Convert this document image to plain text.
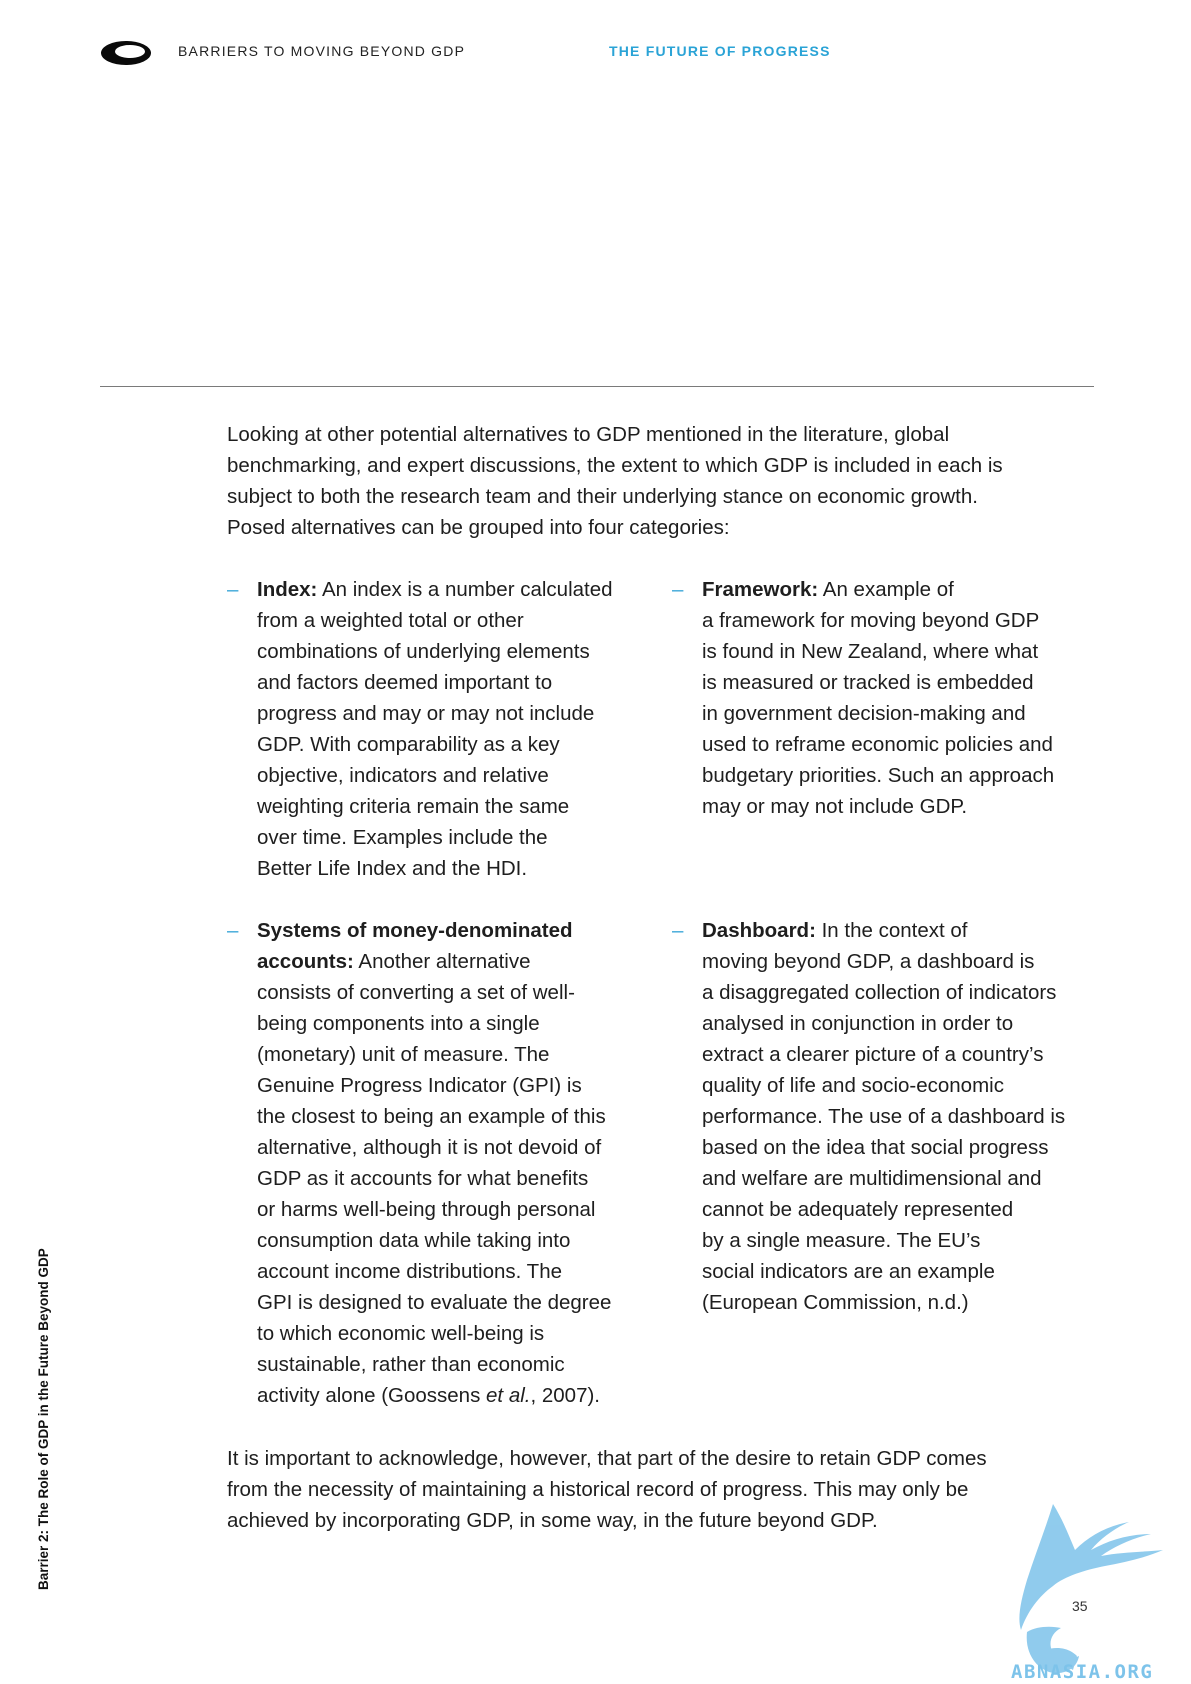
BARRIERS TO MOVING BEYOND GDP	THE FUTURE OF PROGRESS

Looking at other potential alternatives to GDP mentioned in the literature, global
benchmarking, and expert discussions, the extent to which GDP is included in each is
subject to both the research team and their underlying stance on economic growth.
Posed alternatives can be grouped into four categories:

– Index: An index is a number calculated
from a weighted total or other
combinations of underlying elements
and factors deemed important to
progress and may or may not include
GDP. With comparability as a key
objective, indicators and relative
weighting criteria remain the same
over time. Examples include the
Better Life Index and the HDI.
– Framework: An example of
a framework for moving beyond GDP
is found in New Zealand, where what
is measured or tracked is embedded
in government decision-making and
used to reframe economic policies and
budgetary priorities. Such an approach
may or may not include GDP.
– Systems of money-denominated
accounts: Another alternative
consists of converting a set of well-
being components into a single
(monetary) unit of measure. The
Genuine Progress Indicator (GPI) is
the closest to being an example of this
alternative, although it is not devoid of
GDP as it accounts for what benefits
or harms well-being through personal
consumption data while taking into
account income distributions. The
GPI is designed to evaluate the degree
to which economic well-being is
sustainable, rather than economic
activity alone (Goossens et al., 2007).
– Dashboard: In the context of
moving beyond GDP, a dashboard is
a disaggregated collection of indicators
analysed in conjunction in order to
extract a clearer picture of a country’s
quality of life and socio-economic
performance. The use of a dashboard is
based on the idea that social progress
and welfare are multidimensional and
cannot be adequately represented
by a single measure. The EU’s
social indicators are an example
(European Commission, n.d.)

It is important to acknowledge, however, that part of the desire to retain GDP comes
from the necessity of maintaining a historical record of progress. This may only be
achieved by incorporating GDP, in some way, in the future beyond GDP.

Barrier 2: The Role of GDP in the Future Beyond GDP
ABNASIA.ORG
35
